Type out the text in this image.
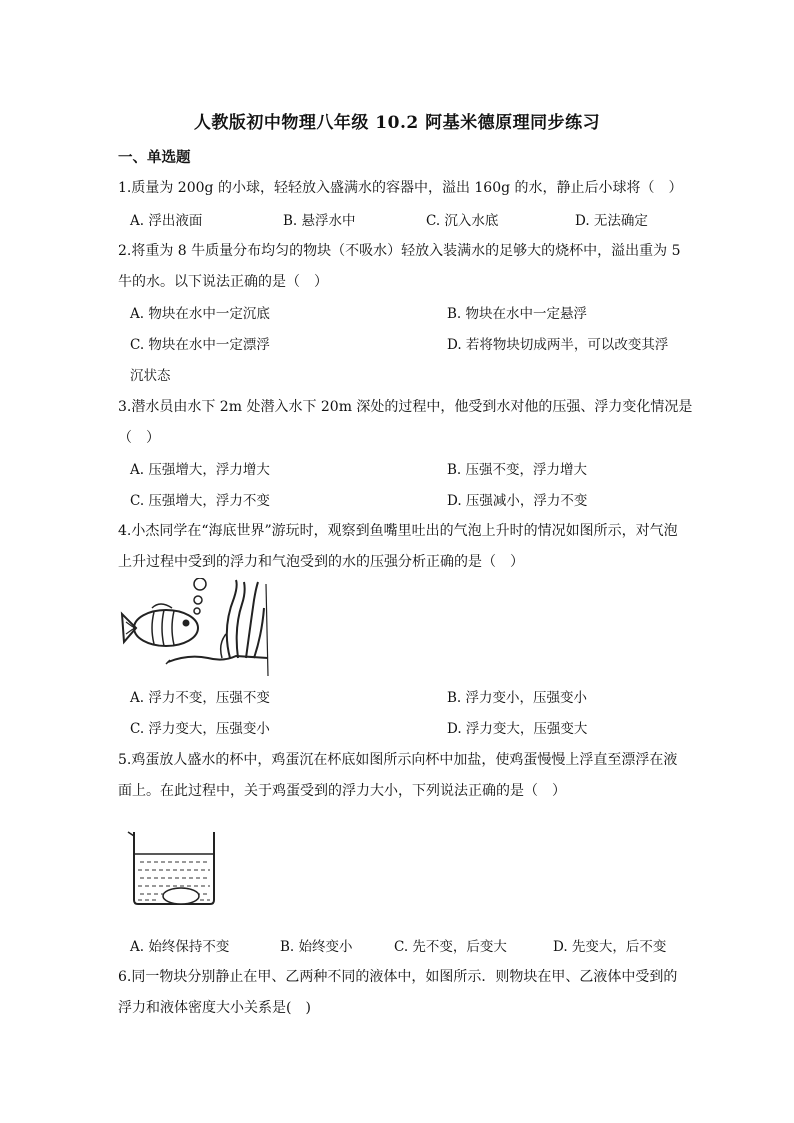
人教版初中物理八年级 10.2 阿基米德原理同步练习
一、单选题
1.质量为 200g 的小球，轻轻放入盛满水的容器中，溢出 160g 的水，静止后小球将（　）
A. 浮出液面	B. 悬浮水中	C. 沉入水底	D. 无法确定
2.将重为 8 牛质量分布均匀的物块（不吸水）轻放入装满水的足够大的烧杯中，溢出重为 5
牛的水。以下说法正确的是（　）
A. 物块在水中一定沉底	B. 物块在水中一定悬浮
C. 物块在水中一定漂浮	D. 若将物块切成两半，可以改变其浮
沉状态
3.潜水员由水下 2m 处潜入水下 20m 深处的过程中，他受到水对他的压强、浮力变化情况是
（　）
A. 压强增大，浮力增大	B. 压强不变，浮力增大
C. 压强增大，浮力不变	D. 压强减小，浮力不变
4.小杰同学在“海底世界”游玩时，观察到鱼嘴里吐出的气泡上升时的情况如图所示，对气泡
上升过程中受到的浮力和气泡受到的水的压强分析正确的是（　）
A. 浮力不变，压强不变	B. 浮力变小，压强变小
C. 浮力变大，压强变小	D. 浮力变大，压强变大
5.鸡蛋放人盛水的杯中，鸡蛋沉在杯底如图所示向杯中加盐，使鸡蛋慢慢上浮直至漂浮在液
面上。在此过程中，关于鸡蛋受到的浮力大小，下列说法正确的是（　）
A. 始终保持不变	B. 始终变小	C. 先不变，后变大	D. 先变大，后不变
6.同一物块分别静止在甲、乙两种不同的液体中，如图所示．则物块在甲、乙液体中受到的
浮力和液体密度大小关系是(　)
